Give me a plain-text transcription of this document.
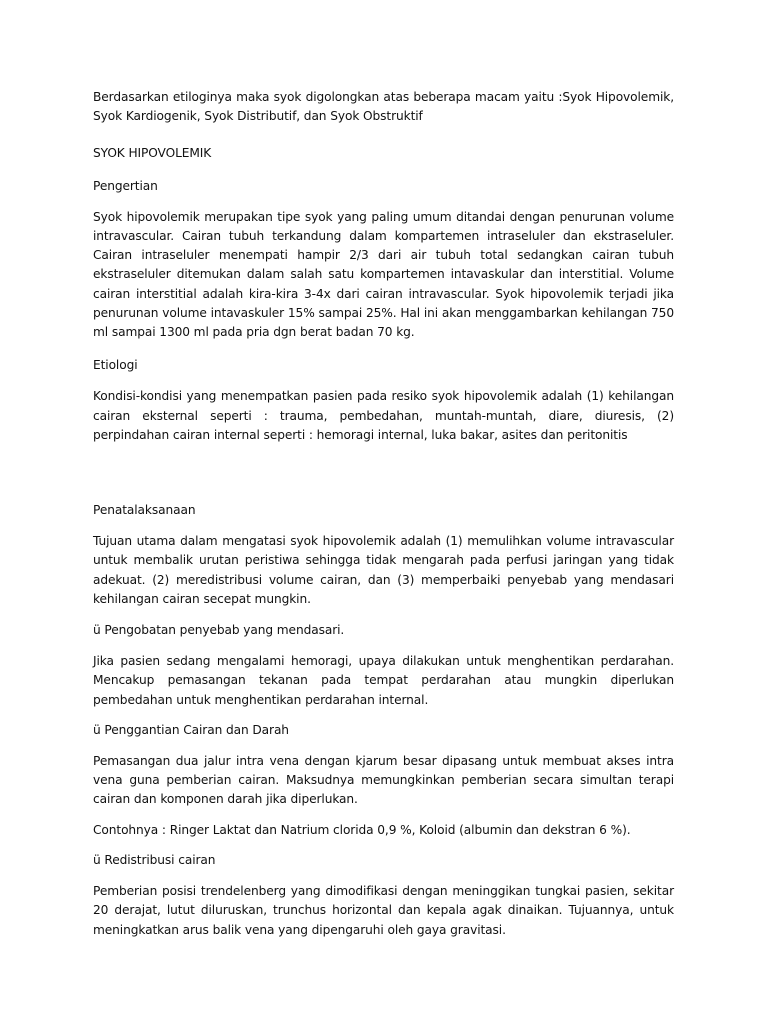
Berdasarkan etiloginya maka syok digolongkan atas beberapa macam yaitu :Syok Hipovolemik, Syok Kardiogenik, Syok Distributif, dan Syok Obstruktif

SYOK HIPOVOLEMIK

Pengertian

Syok hipovolemik merupakan tipe syok yang paling umum ditandai dengan penurunan volume intravascular. Cairan tubuh terkandung dalam kompartemen intraseluler dan ekstraseluler. Cairan intraseluler menempati hampir 2/3 dari air tubuh total sedangkan cairan tubuh ekstraseluler ditemukan dalam salah satu kompartemen intavaskular dan interstitial. Volume cairan interstitial adalah kira-kira 3-4x dari cairan intravascular. Syok hipovolemik terjadi jika penurunan volume intavaskuler 15% sampai 25%. Hal ini akan menggambarkan kehilangan 750 ml sampai 1300 ml pada pria dgn berat badan 70 kg.

Etiologi

Kondisi-kondisi yang menempatkan pasien pada resiko syok hipovolemik adalah (1) kehilangan cairan eksternal seperti : trauma, pembedahan, muntah-muntah, diare, diuresis, (2) perpindahan cairan internal seperti : hemoragi internal, luka bakar, asites dan peritonitis

Penatalaksanaan

Tujuan utama dalam mengatasi syok hipovolemik adalah (1) memulihkan volume intravascular untuk membalik urutan peristiwa sehingga tidak mengarah pada perfusi jaringan yang tidak adekuat. (2) meredistribusi volume cairan, dan (3) memperbaiki penyebab yang mendasari kehilangan cairan secepat mungkin.

ü Pengobatan penyebab yang mendasari.

Jika pasien sedang mengalami hemoragi, upaya dilakukan untuk menghentikan perdarahan. Mencakup pemasangan tekanan pada tempat perdarahan atau mungkin diperlukan pembedahan untuk menghentikan perdarahan internal.

ü Penggantian Cairan dan Darah

Pemasangan dua jalur intra vena dengan kjarum besar dipasang untuk membuat akses intra vena guna pemberian cairan. Maksudnya memungkinkan pemberian secara simultan terapi cairan dan komponen darah jika diperlukan.

Contohnya : Ringer Laktat dan Natrium clorida 0,9 %, Koloid (albumin dan dekstran 6 %).

ü Redistribusi cairan

Pemberian posisi trendelenberg yang dimodifikasi dengan meninggikan tungkai pasien, sekitar 20 derajat, lutut diluruskan, trunchus horizontal dan kepala agak dinaikan. Tujuannya, untuk meningkatkan arus balik vena yang dipengaruhi oleh gaya gravitasi.
